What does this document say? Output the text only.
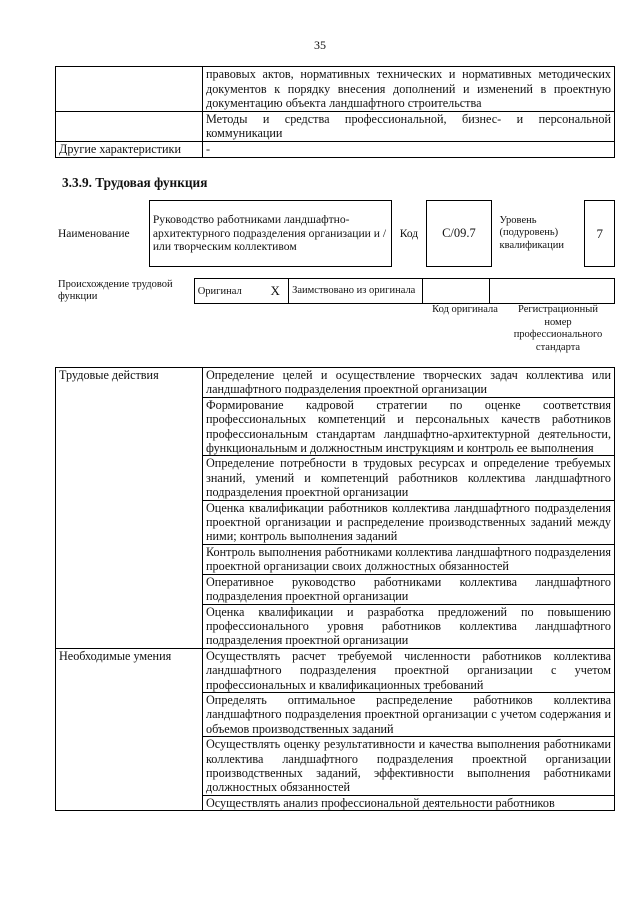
35
	правовых актов, нормативных технических и нормативных методических документов к порядку внесения дополнений и изменений в проектную документацию объекта ландшафтного строительства
	Методы и средства профессиональной, бизнес- и персональной коммуникации
Другие характеристики	-
3.3.9. Трудовая функция
Наименование	Руководство работниками ландшафтно-архитектурного подразделения организации и /или творческим коллективом	Код	C/09.7	Уровень (подуровень) квалификации	7
Происхождение трудовой функции	Оригинал	X	Заимствовано из оригинала		
Код оригинала	Регистрационный номер профессионального стандарта
Трудовые действия	Определение целей и осуществление творческих задач коллектива или ландшафтного подразделения проектной организации
	Формирование кадровой стратегии по оценке соответствия профессиональных компетенций и персональных качеств работников профессиональным стандартам ландшафтно-архитектурной деятельности, функциональным и должностным инструкциям и контроль ее выполнения
	Определение потребности в трудовых ресурсах и определение требуемых знаний, умений и компетенций работников коллектива ландшафтного подразделения проектной организации
	Оценка квалификации работников коллектива ландшафтного подразделения проектной организации и распределение производственных заданий между ними; контроль выполнения заданий
	Контроль выполнения работниками коллектива ландшафтного подразделения проектной организации своих должностных обязанностей
	Оперативное руководство работниками коллектива ландшафтного подразделения проектной организации
	Оценка квалификации и разработка предложений по повышению профессионального уровня работников коллектива ландшафтного подразделения проектной организации
Необходимые умения	Осуществлять расчет требуемой численности работников коллектива ландшафтного подразделения проектной организации с учетом профессиональных и квалификационных требований
	Определять оптимальное распределение работников коллектива ландшафтного подразделения проектной организации с учетом содержания и объемов производственных заданий
	Осуществлять оценку результативности и качества выполнения работниками коллектива ландшафтного подразделения проектной организации производственных заданий, эффективности выполнения работниками должностных обязанностей
	Осуществлять анализ профессиональной деятельности работников
